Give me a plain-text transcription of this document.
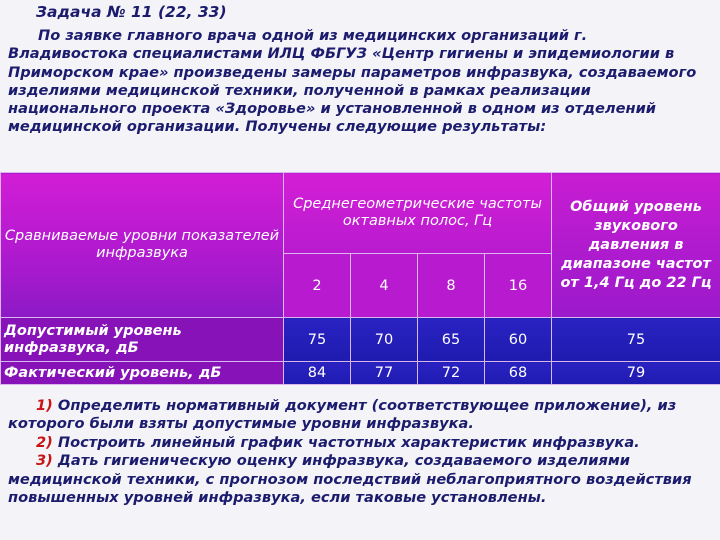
Задача № 11 (22, 33)
По заявке главного врача одной из медицинских организаций г. Владивостока специалистами ИЛЦ ФБГУЗ «Центр гигиены и эпидемиологии в Приморском крае» произведены замеры параметров инфразвука, создаваемого изделиями медицинской техники, полученной в рамках реализации национального проекта «Здоровье» и установленной в одном из отделений медицинской организации. Получены следующие результаты:
Сравниваемые уровни показателей инфразвука	Среднегеометрические частоты октавных полос, Гц				Общий уровень звукового давления в диапазоне частот от 1,4 Гц до 22 Гц
	2	4	8	16	
Допустимый уровень инфразвука, дБ	75	70	65	60	75
Фактический уровень, дБ	84	77	72	68	79

1) Определить нормативный документ (соответствующее приложение), из которого были взяты допустимые уровни инфразвука.

2) Построить линейный график частотных характеристик инфразвука.

3) Дать гигиеническую оценку инфразвука, создаваемого изделиями медицинской техники, с прогнозом последствий неблагоприятного воздействия повышенных уровней инфразвука, если таковые установлены.
